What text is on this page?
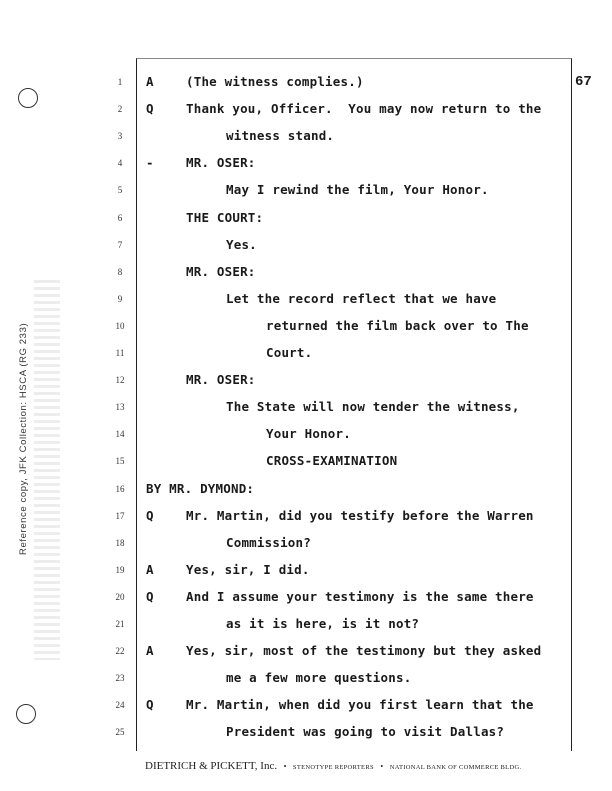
Reference copy, JFK Collection: HSCA (RG 233)
67
1	A	(The witness complies.)
2	Q	Thank you, Officer.  You may now return to the
3	witness stand.
4	-	MR. OSER:
5	May I rewind the film, Your Honor.
6	THE COURT:
7	Yes.
8	MR. OSER:
9	Let the record reflect that we have
10	returned the film back over to The
11	Court.
12	MR. OSER:
13	The State will now tender the witness,
14	Your Honor.
15	CROSS-EXAMINATION
16	BY MR. DYMOND:
17	Q	Mr. Martin, did you testify before the Warren
18	Commission?
19	A	Yes, sir, I did.
20	Q	And I assume your testimony is the same there
21	as it is here, is it not?
22	A	Yes, sir, most of the testimony but they asked
23	me a few more questions.
24	Q	Mr. Martin, when did you first learn that the
25	President was going to visit Dallas?
DIETRICH & PICKETT, Inc. • STENOTYPE REPORTERS • NATIONAL BANK OF COMMERCE BLDG.
